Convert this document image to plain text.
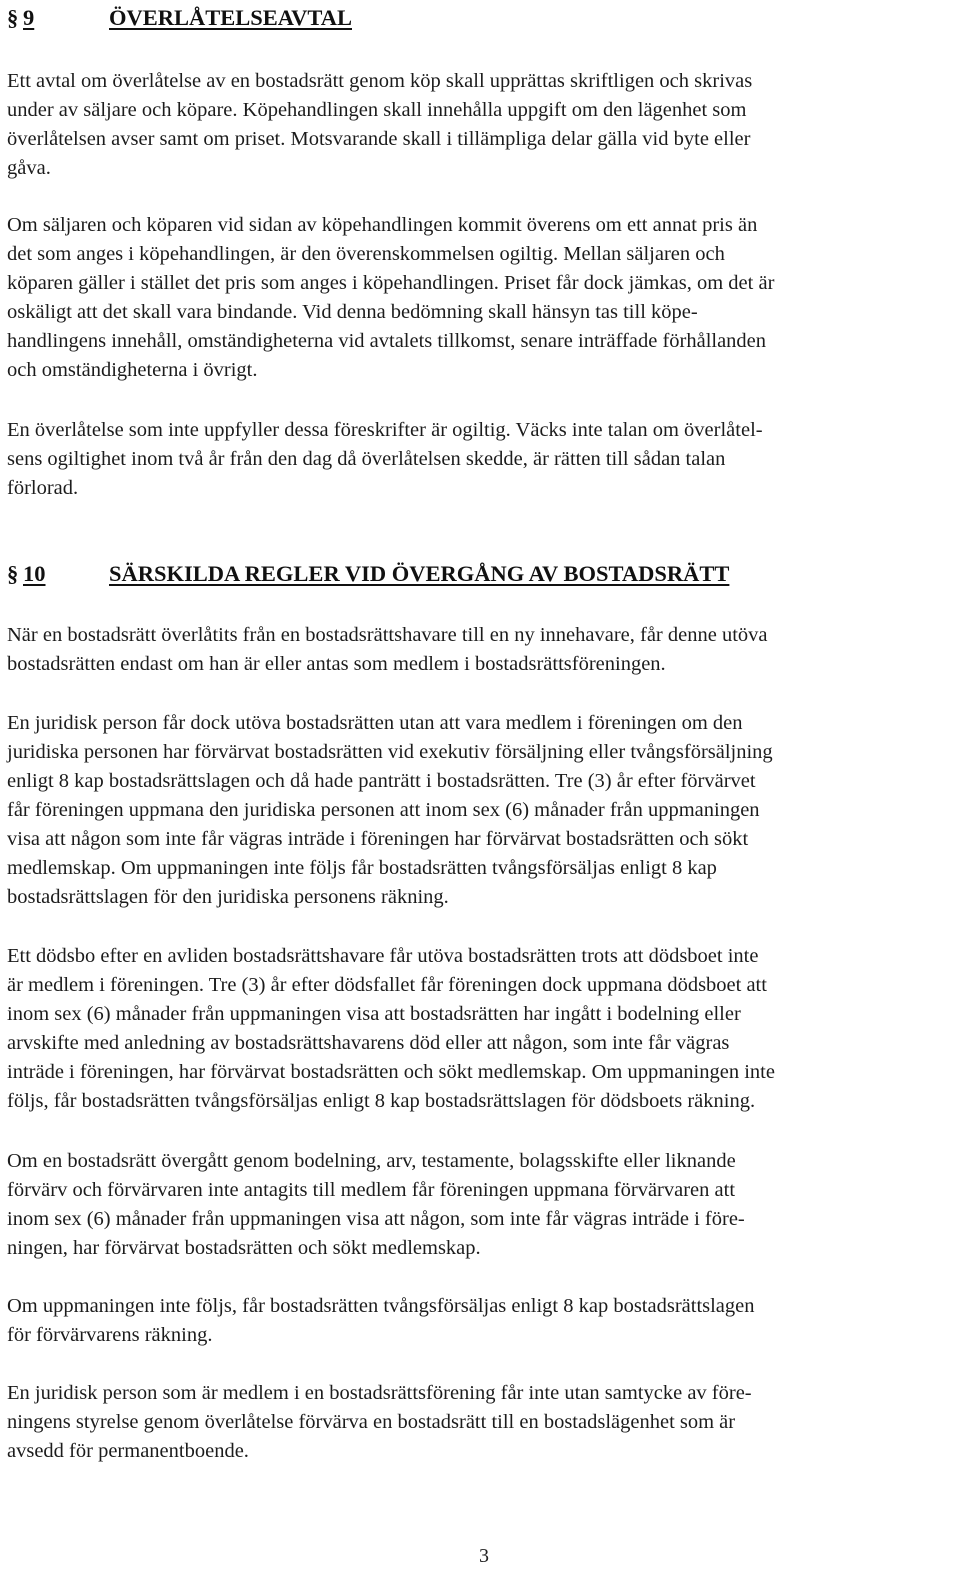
§ 9	ÖVERLÅTELSEAVTAL
Ett avtal om överlåtelse av en bostadsrätt genom köp skall upprättas skriftligen och skrivas
under av säljare och köpare. Köpehandlingen skall innehålla uppgift om den lägenhet som
överlåtelsen avser samt om priset. Motsvarande skall i tillämpliga delar gälla vid byte eller
gåva.
Om säljaren och köparen vid sidan av köpehandlingen kommit överens om ett annat pris än
det som anges i köpehandlingen, är den överenskommelsen ogiltig. Mellan säljaren och
köparen gäller i stället det pris som anges i köpehandlingen. Priset får dock jämkas, om det är
oskäligt att det skall vara bindande. Vid denna bedömning skall hänsyn tas till köpe-
handlingens innehåll, omständigheterna vid avtalets tillkomst, senare inträffade förhållanden
och omständigheterna i övrigt.
En överlåtelse som inte uppfyller dessa föreskrifter är ogiltig. Väcks inte talan om överlåtel-
sens ogiltighet inom två år från den dag då överlåtelsen skedde, är rätten till sådan talan
förlorad.
§ 10	SÄRSKILDA REGLER VID ÖVERGÅNG AV BOSTADSRÄTT
När en bostadsrätt överlåtits från en bostadsrättshavare till en ny innehavare, får denne utöva
bostadsrätten endast om han är eller antas som medlem i bostadsrättsföreningen.
En juridisk person får dock utöva bostadsrätten utan att vara medlem i föreningen om den
juridiska personen har förvärvat bostadsrätten vid exekutiv försäljning eller tvångsförsäljning
enligt 8 kap bostadsrättslagen och då hade panträtt i bostadsrätten. Tre (3) år efter förvärvet
får föreningen uppmana den juridiska personen att inom sex (6) månader från uppmaningen
visa att någon som inte får vägras inträde i föreningen har förvärvat bostadsrätten och sökt
medlemskap. Om uppmaningen inte följs får bostadsrätten tvångsförsäljas enligt 8 kap
bostadsrättslagen för den juridiska personens räkning.
Ett dödsbo efter en avliden bostadsrättshavare får utöva bostadsrätten trots att dödsboet inte
är medlem i föreningen. Tre (3) år efter dödsfallet får föreningen dock uppmana dödsboet att
inom sex (6) månader från uppmaningen visa att bostadsrätten har ingått i bodelning eller
arvskifte med anledning av bostadsrättshavarens död eller att någon, som inte får vägras
inträde i föreningen, har förvärvat bostadsrätten och sökt medlemskap. Om uppmaningen inte
följs, får bostadsrätten tvångsförsäljas enligt 8 kap bostadsrättslagen för dödsboets räkning.
Om en bostadsrätt övergått genom bodelning, arv, testamente, bolagsskifte eller liknande
förvärv och förvärvaren inte antagits till medlem får föreningen uppmana förvärvaren att
inom sex (6) månader från uppmaningen visa att någon, som inte får vägras inträde i före-
ningen, har förvärvat bostadsrätten och sökt medlemskap.
Om uppmaningen inte följs, får bostadsrätten tvångsförsäljas enligt 8 kap bostadsrättslagen
för förvärvarens räkning.
En juridisk person som är medlem i en bostadsrättsförening får inte utan samtycke av före-
ningens styrelse genom överlåtelse förvärva en bostadsrätt till en bostadslägenhet som är
avsedd för permanentboende.
3
